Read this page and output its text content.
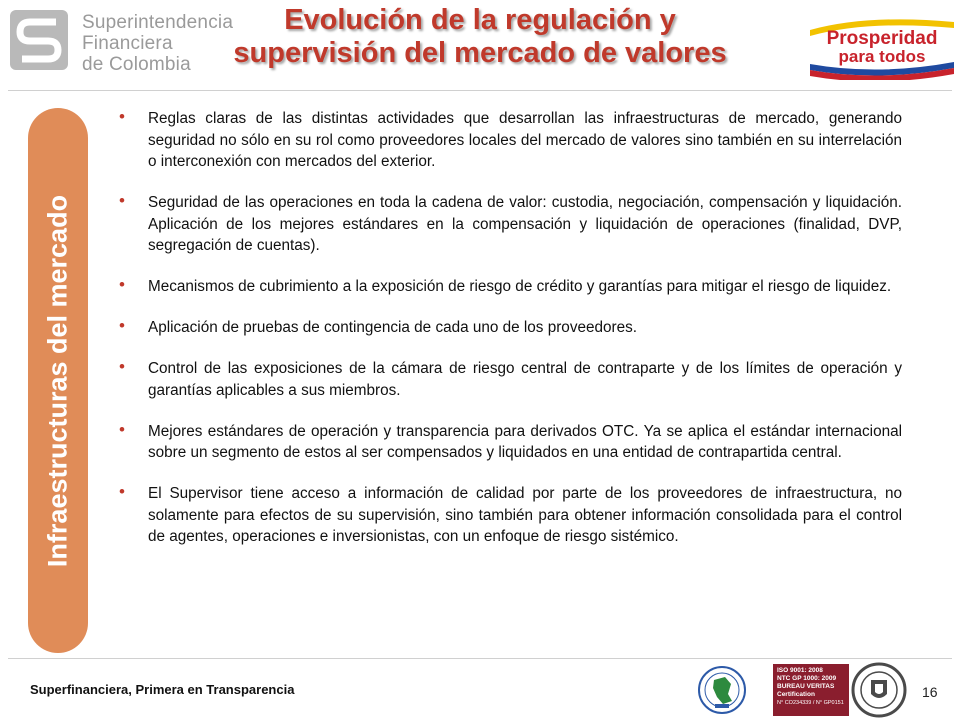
Superintendencia
Financiera
de Colombia
Evolución de la regulación y
supervisión del mercado de valores	Prosperidad
para todos
Infraestructuras del mercado
• Reglas claras de las distintas actividades que desarrollan las infraestructuras de mercado, generando seguridad no sólo en su rol como proveedores locales del mercado de valores sino también en su interrelación o interconexión con mercados del exterior.
• Seguridad de las operaciones en toda la cadena de valor: custodia, negociación, compensación y liquidación. Aplicación de los mejores estándares en la compensación y liquidación de operaciones (finalidad, DVP, segregación de cuentas).
• Mecanismos de cubrimiento a la exposición de riesgo de crédito y garantías para mitigar el riesgo de liquidez.
• Aplicación de pruebas de contingencia de cada uno de los proveedores.
• Control de las exposiciones de la cámara de riesgo central de contraparte y de los límites de operación y garantías aplicables a sus miembros.
• Mejores estándares de operación y transparencia para derivados OTC. Ya se aplica el estándar internacional sobre un segmento de estos al ser compensados y liquidados en una entidad de contrapartida central.
• El Supervisor tiene acceso a información de calidad por parte de los proveedores de infraestructura, no solamente para efectos de su supervisión, sino también para obtener información consolidada para el control de agentes, operaciones e inversionistas, con un enfoque de riesgo sistémico.
Superfinanciera, Primera en Transparencia
ISO 9001: 2008
NTC GP 1000: 2009
BUREAU VERITAS
Certification
N° CO234339 / N° GP0151
16
